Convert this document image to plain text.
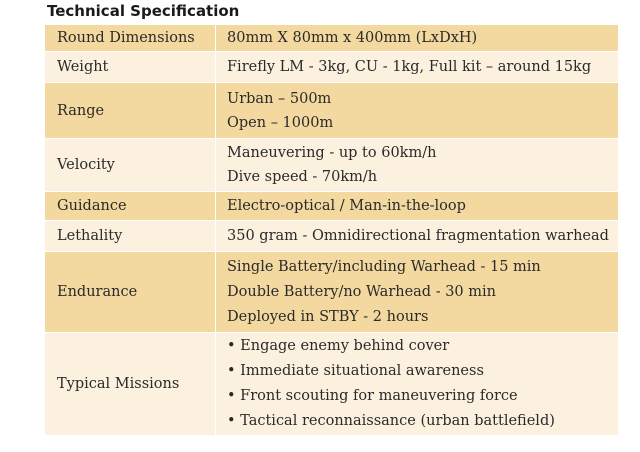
Technical Specification
Round Dimensions	80mm X 80mm x 400mm (LxDxH)

Weight	Firefly LM - 3kg, CU - 1kg, Full kit – around 15kg

Range	Urban – 500m
Open – 1000m

Velocity	Maneuvering - up to 60km/h
Dive speed - 70km/h

Guidance	Electro-optical / Man-in-the-loop

Lethality	350 gram - Omnidirectional fragmentation warhead

Endurance	Single Battery/including Warhead - 15 min
Double Battery/no Warhead - 30 min
Deployed in STBY - 2 hours

Typical Missions	• Engage enemy behind cover
• Immediate situational awareness
• Front scouting for maneuvering force
• Tactical reconnaissance (urban battlefield)
